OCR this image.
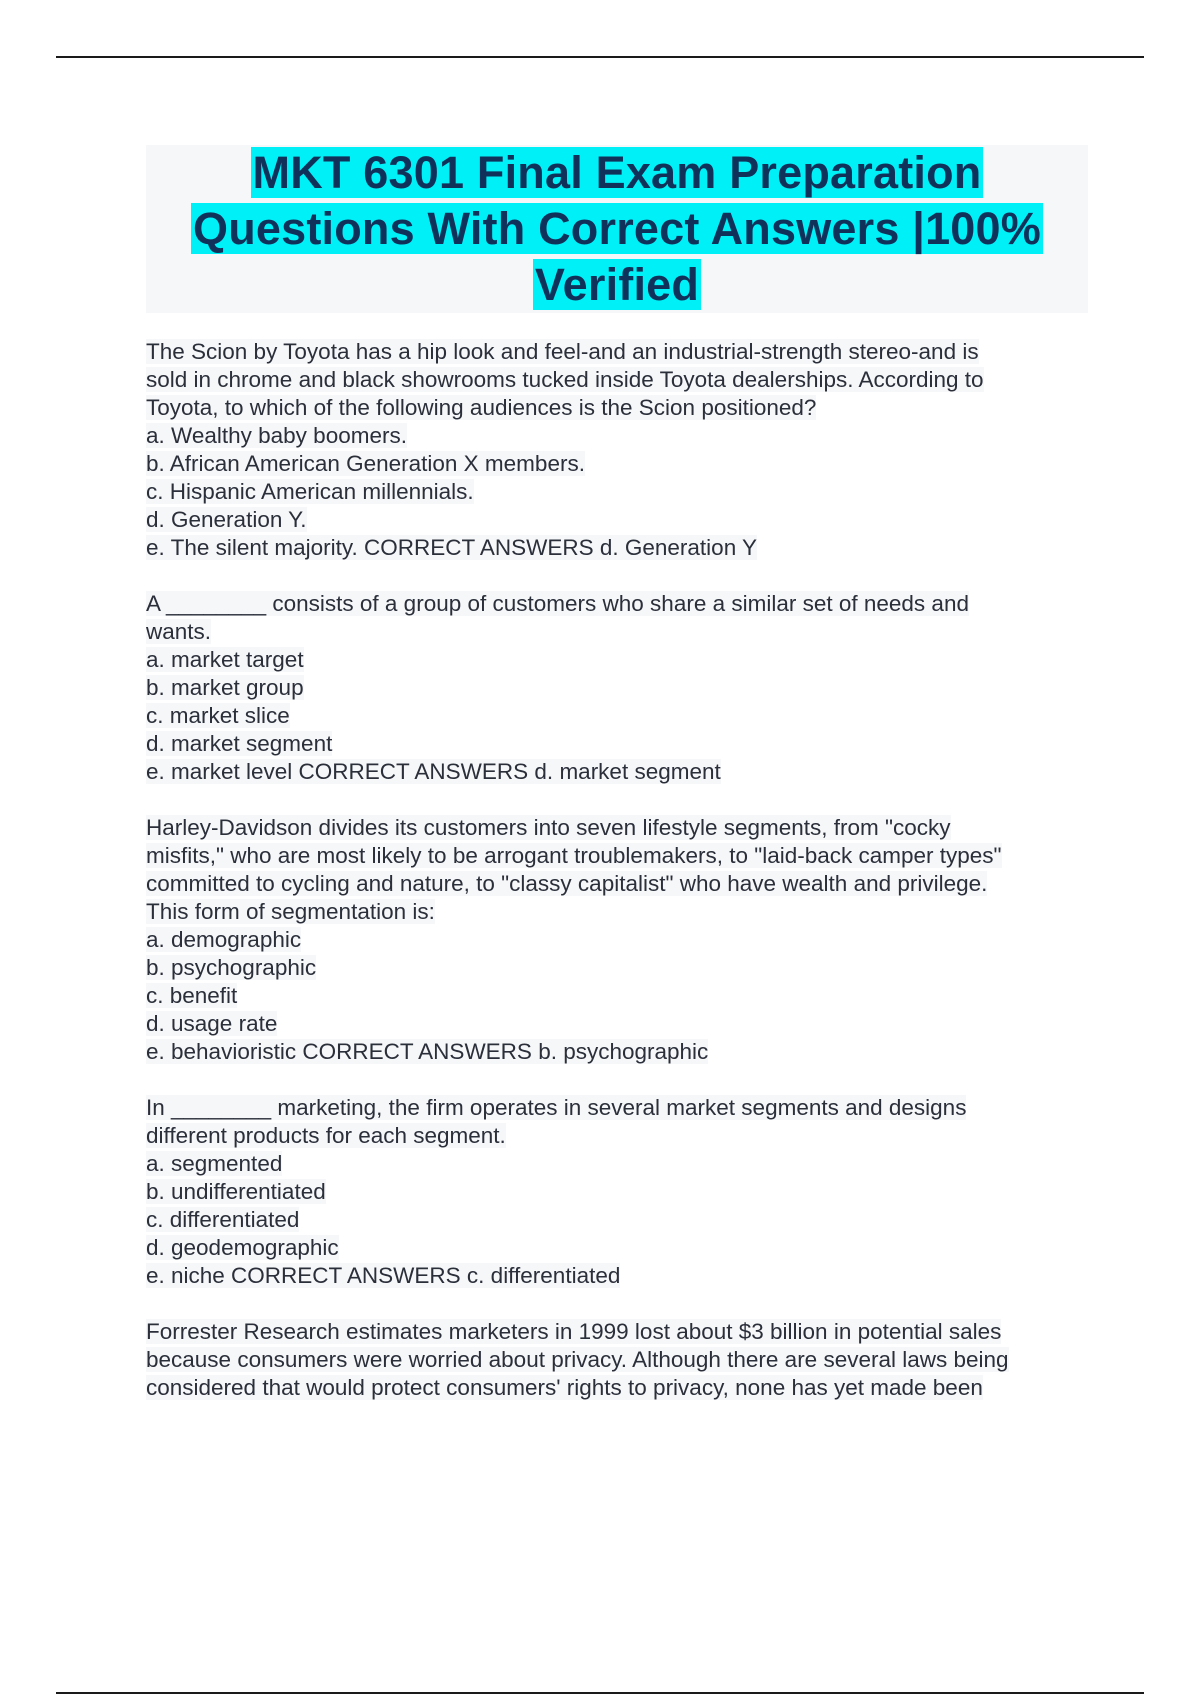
MKT 6301 Final Exam Preparation
Questions With Correct Answers |100%
Verified
The Scion by Toyota has a hip look and feel-and an industrial-strength stereo-and is
sold in chrome and black showrooms tucked inside Toyota dealerships. According to
Toyota, to which of the following audiences is the Scion positioned?
a. Wealthy baby boomers.
b. African American Generation X members.
c. Hispanic American millennials.
d. Generation Y.
e. The silent majority. CORRECT ANSWERS d. Generation Y
A ________ consists of a group of customers who share a similar set of needs and
wants.
a. market target
b. market group
c. market slice
d. market segment
e. market level CORRECT ANSWERS d. market segment
Harley-Davidson divides its customers into seven lifestyle segments, from "cocky
misfits," who are most likely to be arrogant troublemakers, to "laid-back camper types"
committed to cycling and nature, to "classy capitalist" who have wealth and privilege.
This form of segmentation is:
a. demographic
b. psychographic
c. benefit
d. usage rate
e. behavioristic CORRECT ANSWERS b. psychographic
In ________ marketing, the firm operates in several market segments and designs
different products for each segment.
a. segmented
b. undifferentiated
c. differentiated
d. geodemographic
e. niche CORRECT ANSWERS c. differentiated
Forrester Research estimates marketers in 1999 lost about $3 billion in potential sales
because consumers were worried about privacy. Although there are several laws being
considered that would protect consumers' rights to privacy, none has yet made been
